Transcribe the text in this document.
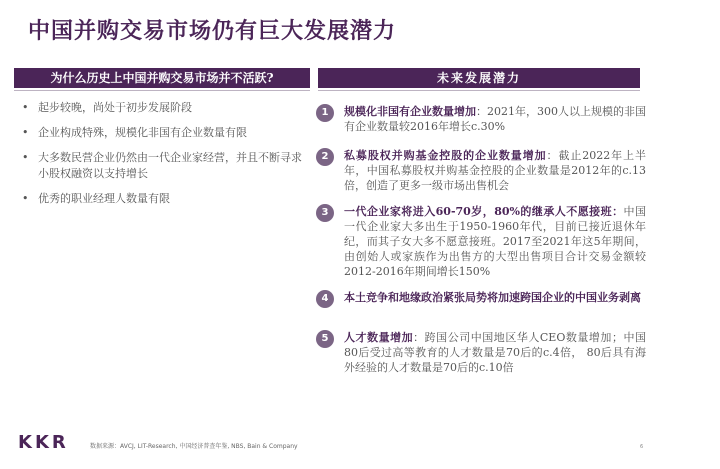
中国并购交易市场仍有巨大发展潜力
为什么历史上中国并购交易市场并不活跃?	未来发展潜力
• 起步较晚，尚处于初步发展阶段
• 企业构成特殊，规模化非国有企业数量有限
• 大多数民营企业仍然由一代企业家经营，并且不断寻求小股权融资以支持增长
• 优秀的职业经理人数量有限
1	规模化非国有企业数量增加：2021年，300人以上规模的非国有企业数量较2016年增长c.30%
2	私募股权并购基金控股的企业数量增加：截止2022年上半年，中国私募股权并购基金控股的企业数量是2012年的c.13倍，创造了更多一级市场出售机会
3	一代企业家将进入60-70岁，80%的继承人不愿接班：中国一代企业家大多出生于1950-1960年代，目前已接近退休年纪，而其子女大多不愿意接班。2017至2021年这5年期间，由创始人或家族作为出售方的大型出售项目合计交易金额较2012-2016年期间增长150%
4	本土竞争和地缘政治紧张局势将加速跨国企业的中国业务剥离
5	人才数量增加：跨国公司中国地区华人CEO数量增加；中国80后受过高等教育的人才数量是70后的c.4倍， 80后具有海外经验的人才数量是70后的c.10倍
KKR	数据来源：AVCJ, LIT-Research, 中国经济普查年鉴, NBS, Bain & Company	6
